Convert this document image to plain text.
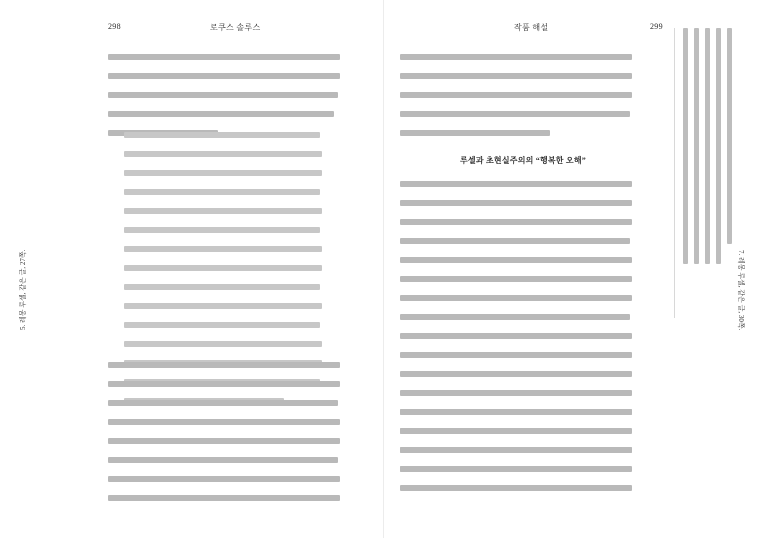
298	로쿠스 솔루스
5. 레몽 루셀, 같은 글, 27쪽.
작품 해설	299
루셀과 초현실주의의 “행복한 오해”
7. 레몽 루셀, 같은 글, 30쪽.
